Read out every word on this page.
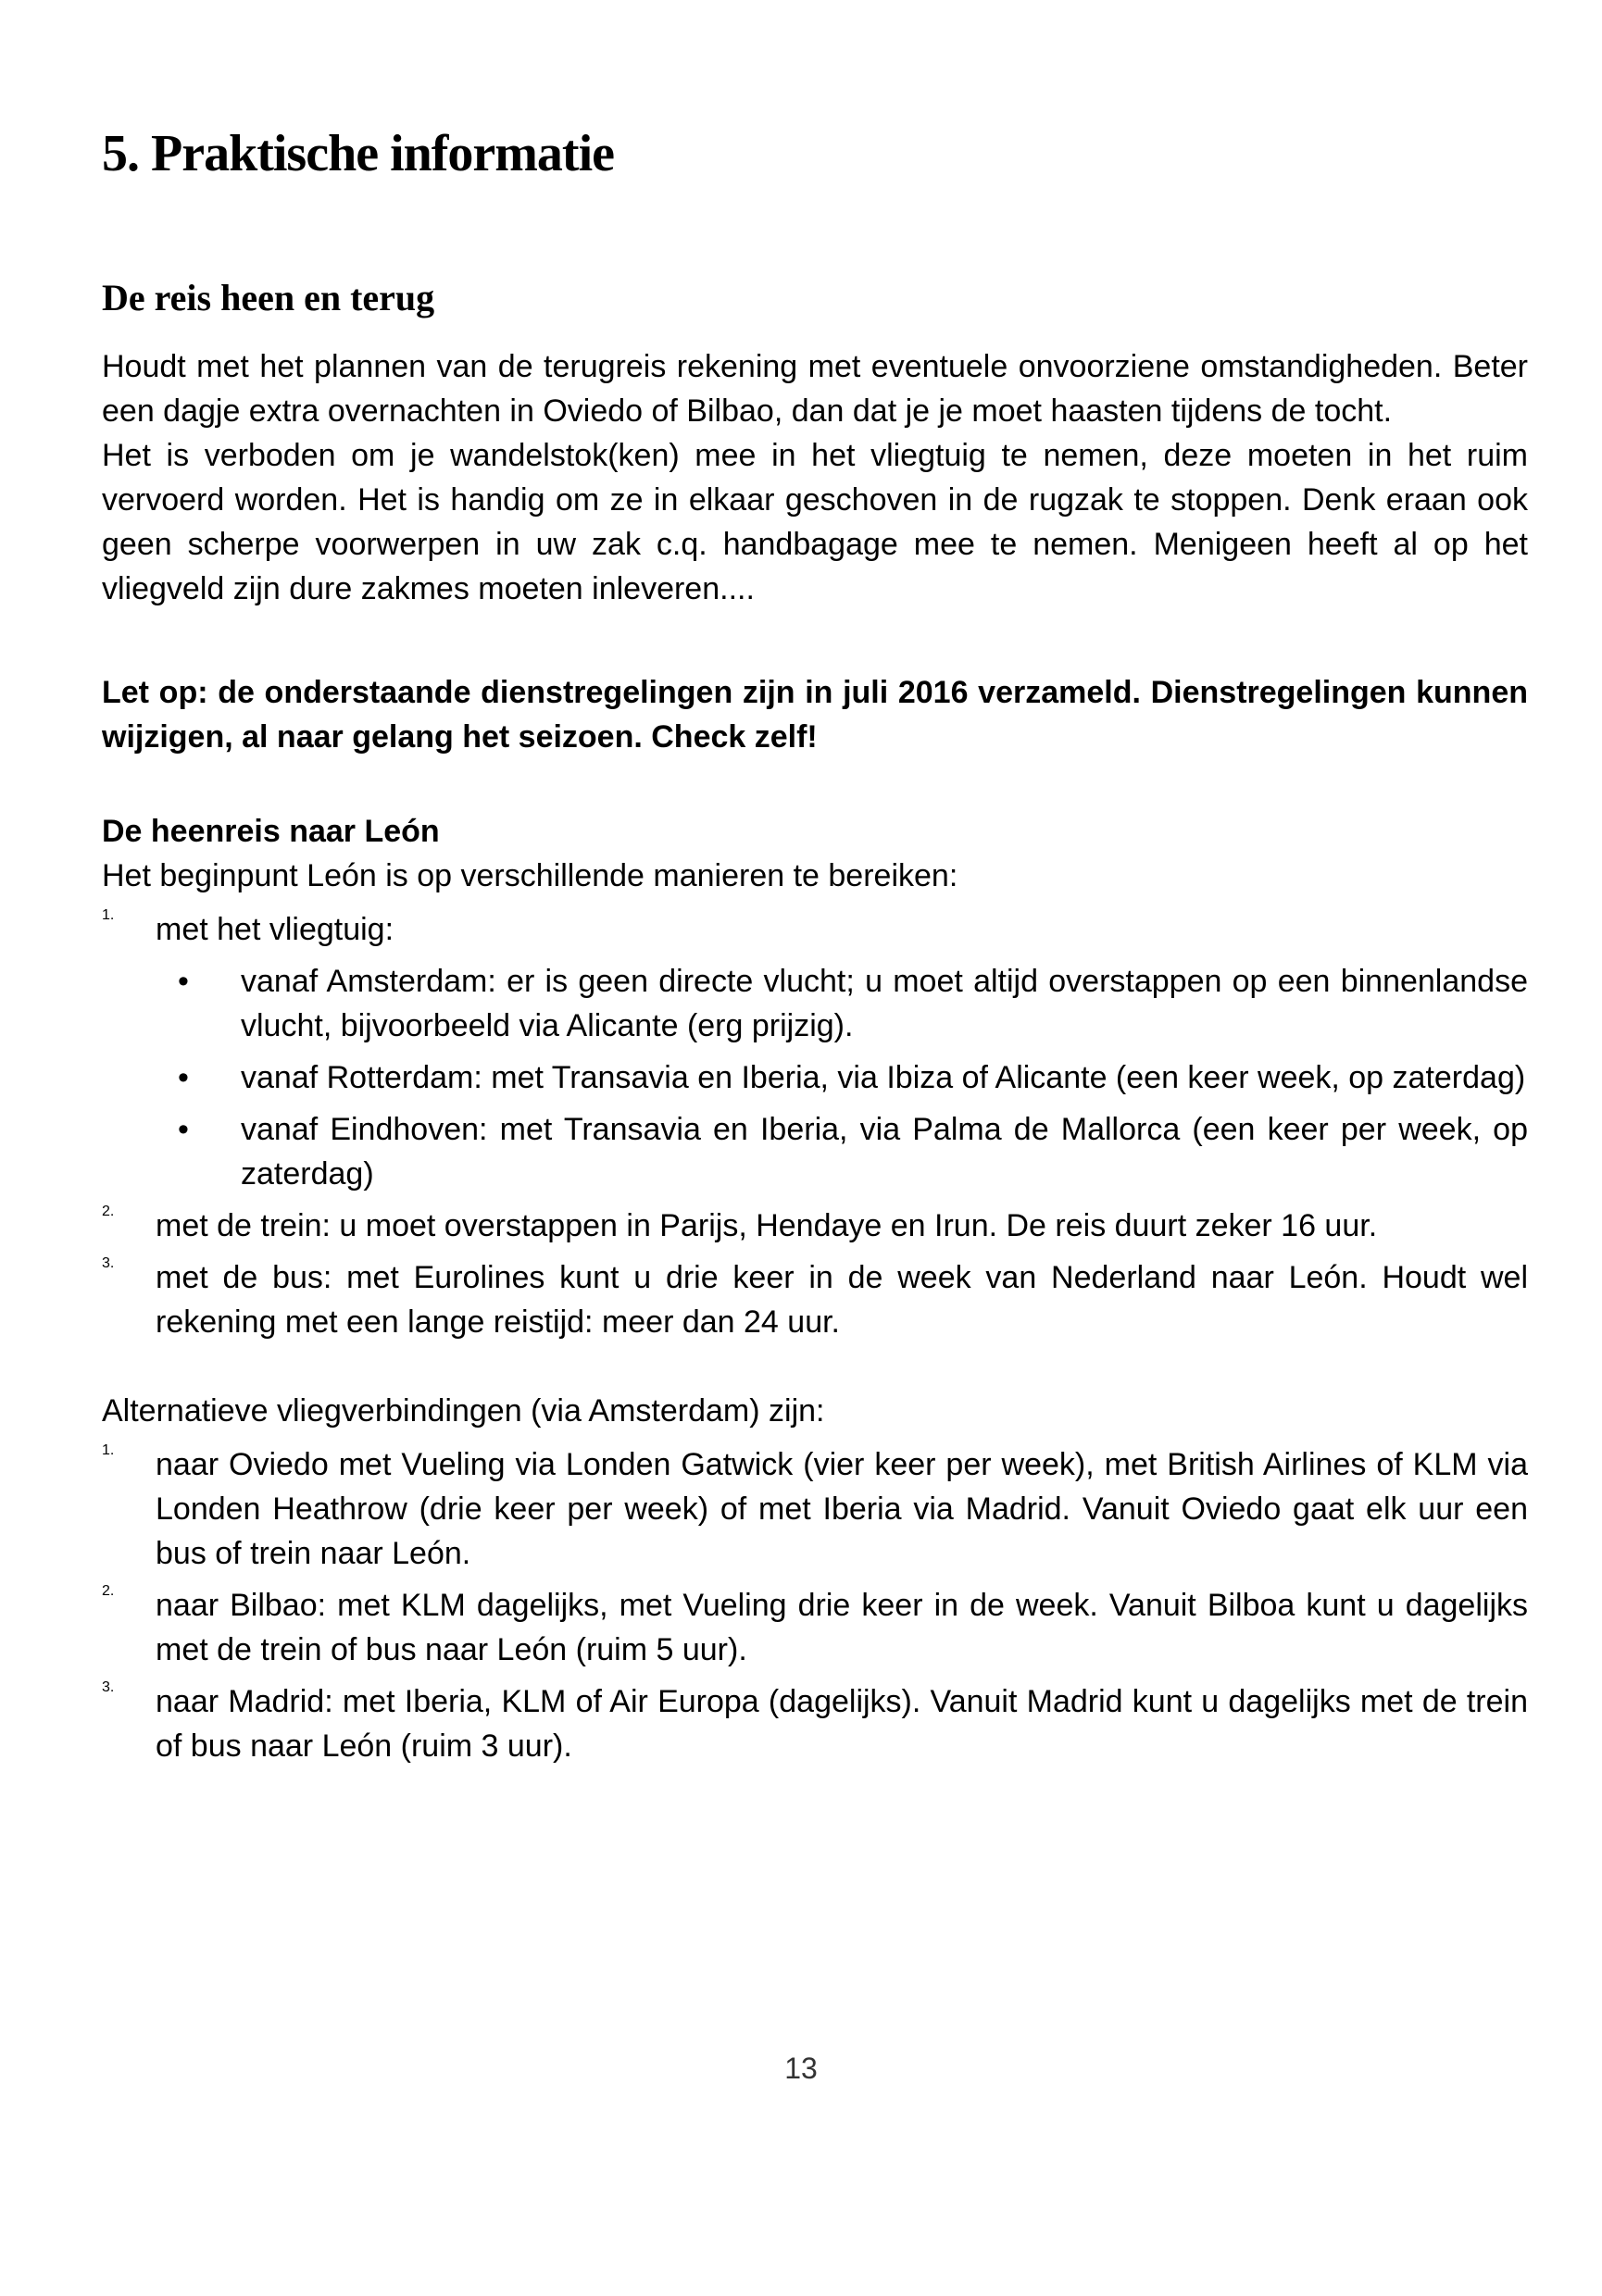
5. Praktische informatie
De reis heen en terug

Houdt met het plannen van de terugreis rekening met eventuele onvoorziene omstandigheden. Beter een dagje extra overnachten in Oviedo of Bilbao, dan dat je je moet haasten tijdens de tocht.

Het is verboden om je wandelstok(ken) mee in het vliegtuig te nemen, deze moeten in het ruim vervoerd worden. Het is handig om ze in elkaar geschoven in de rugzak te stoppen. Denk eraan ook geen scherpe voorwerpen in uw zak c.q. handbagage mee te nemen. Menigeen heeft al op het vliegveld zijn dure zakmes moeten inleveren....

Let op: de onderstaande dienstregelingen zijn in juli 2016 verzameld. Dienstregelingen kunnen wijzigen, al naar gelang het seizoen. Check zelf!

De heenreis naar León

Het beginpunt León is op verschillende manieren te bereiken:

1.	met het vliegtuig:
•	vanaf Amsterdam: er is geen directe vlucht; u moet altijd overstappen op een binnenlandse vlucht, bijvoorbeeld via Alicante (erg prijzig).
•	vanaf Rotterdam: met Transavia en Iberia, via Ibiza of Alicante (een keer week, op zaterdag)
•	vanaf Eindhoven: met Transavia en Iberia, via Palma de Mallorca (een keer per week, op zaterdag)
2.	met de trein: u moet overstappen in Parijs, Hendaye en Irun. De reis duurt zeker 16 uur.
3.	met de bus: met Eurolines kunt u drie keer in de week van Nederland naar León. Houdt wel rekening met een lange reistijd: meer dan 24 uur.

Alternatieve vliegverbindingen (via Amsterdam) zijn:

1.	naar Oviedo met Vueling via Londen Gatwick (vier keer per week), met British Airlines of KLM via Londen Heathrow (drie keer per week) of met Iberia via Madrid. Vanuit Oviedo gaat elk uur een bus of trein naar León.
2.	naar Bilbao: met KLM dagelijks, met Vueling drie keer in de week. Vanuit Bilboa kunt u dagelijks met de trein of bus naar León (ruim 5 uur).
3.	naar Madrid: met Iberia, KLM of Air Europa (dagelijks). Vanuit Madrid kunt u dagelijks met de trein of bus naar León (ruim 3 uur).
13
